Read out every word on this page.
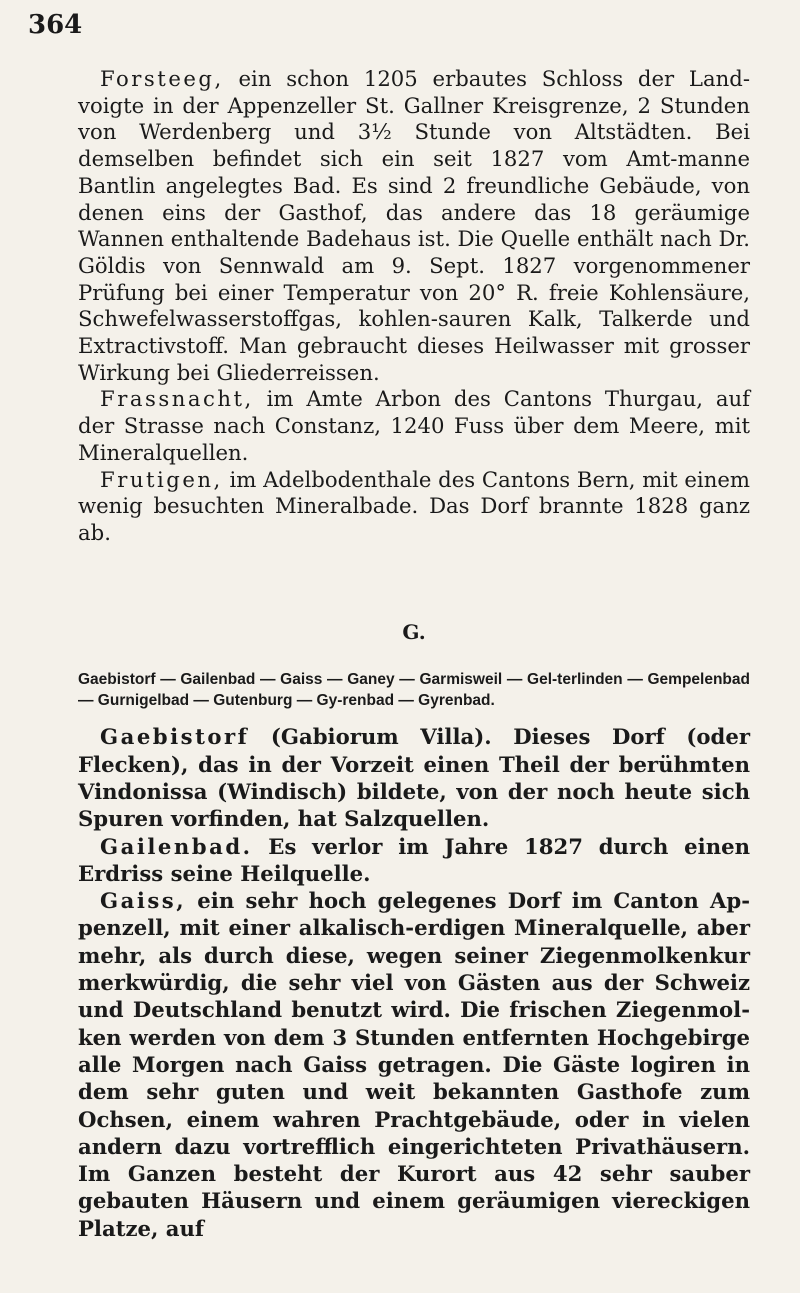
364

Forsteeg, ein schon 1205 erbautes Schloss der Land-voigte in der Appenzeller St. Gallner Kreisgrenze, 2 Stunden von Werdenberg und 3½ Stunde von Altstädten. Bei demselben befindet sich ein seit 1827 vom Amt-manne Bantlin angelegtes Bad. Es sind 2 freundliche Gebäude, von denen eins der Gasthof, das andere das 18 geräumige Wannen enthaltende Badehaus ist. Die Quelle enthält nach Dr. Göldis von Sennwald am 9. Sept. 1827 vorgenommener Prüfung bei einer Temperatur von 20° R. freie Kohlensäure, Schwefelwasserstoffgas, kohlen-sauren Kalk, Talkerde und Extractivstoff. Man gebraucht dieses Heilwasser mit grosser Wirkung bei Gliederreissen.

Frassnacht, im Amte Arbon des Cantons Thurgau, auf der Strasse nach Constanz, 1240 Fuss über dem Meere, mit Mineralquellen.

Frutigen, im Adelbodenthale des Cantons Bern, mit einem wenig besuchten Mineralbade. Das Dorf brannte 1828 ganz ab.

G.

Gaebistorf — Gailenbad — Gaiss — Ganey — Garmisweil — Gel-terlinden — Gempelenbad — Gurnigelbad — Gutenburg — Gy-renbad — Gyrenbad.

Gaebistorf (Gabiorum Villa). Dieses Dorf (oder Flecken), das in der Vorzeit einen Theil der berühmten Vindonissa (Windisch) bildete, von der noch heute sich Spuren vorfinden, hat Salzquellen.

Gailenbad. Es verlor im Jahre 1827 durch einen Erdriss seine Heilquelle.

Gaiss, ein sehr hoch gelegenes Dorf im Canton Ap-penzell, mit einer alkalisch-erdigen Mineralquelle, aber mehr, als durch diese, wegen seiner Ziegenmolkenkur merkwürdig, die sehr viel von Gästen aus der Schweiz und Deutschland benutzt wird. Die frischen Ziegenmol-ken werden von dem 3 Stunden entfernten Hochgebirge alle Morgen nach Gaiss getragen. Die Gäste logiren in dem sehr guten und weit bekannten Gasthofe zum Ochsen, einem wahren Prachtgebäude, oder in vielen andern dazu vortrefflich eingerichteten Privathäusern. Im Ganzen besteht der Kurort aus 42 sehr sauber gebauten Häusern und einem geräumigen viereckigen Platze, auf
